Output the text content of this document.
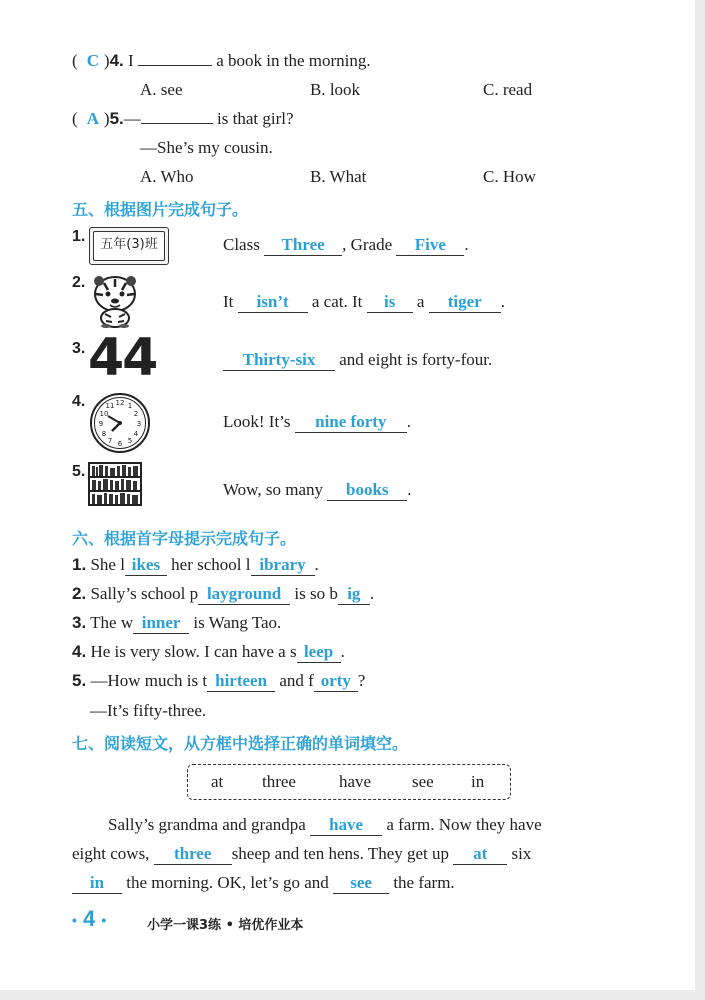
( C )4. I	a book in the morning.
A. see	B. look	C. read
( A )5.—	is that girl?
—She’s my cousin.
A. Who	B. What	C. How
五、根据图片完成句子。
1.	五年(3)班	Class Three , Grade Five .
2.
It isn’t a cat. It is a tiger .
3. 44	Thirty-six and eight is forty-four.
4.	12 1
2
3
4
5
6
7
8
9
10
11
Look! It’s nine forty .
5.
Wow, so many books .
六、根据首字母提示完成句子。
1. She l ikes her school l ibrary .
2. Sally’s school p layground is so b ig .
3. The w inner is Wang Tao.
4. He is very slow. I can have a s leep .
5. —How much is t hirteen and f orty ?
—It’s fifty-three.
七、阅读短文，从方框中选择正确的单词填空。
at three	have see in
Sally’s grandma and grandpa have a farm. Now they have
eight cows, three sheep and ten hens. They get up at six
in the morning. OK, let’s go and see the farm.
• 4 •	小学一课3练 • 培优作业本
